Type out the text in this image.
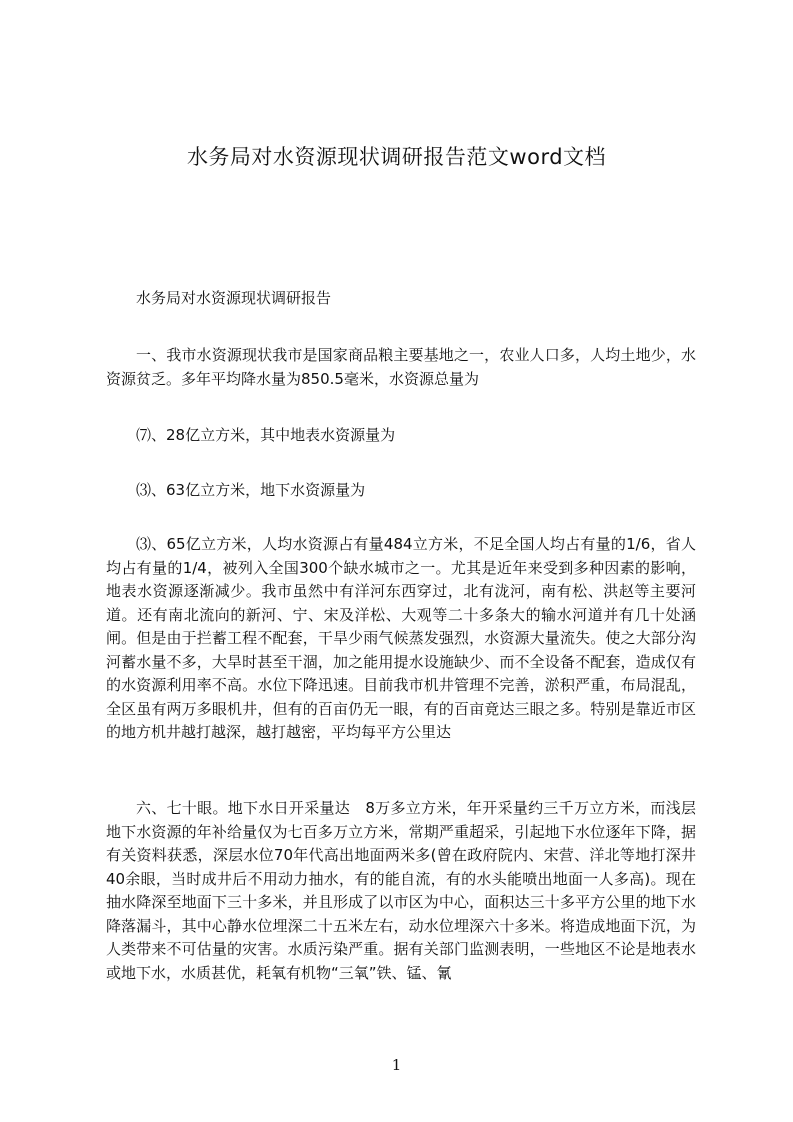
水务局对水资源现状调研报告范文word文档

水务局对水资源现状调研报告

一、我市水资源现状我市是国家商品粮主要基地之一，农业人口多，人均土地少，水资源贫乏。多年平均降水量为850.5毫米，水资源总量为

⑺、28亿立方米，其中地表水资源量为

⑶、63亿立方米，地下水资源量为

⑶、65亿立方米，人均水资源占有量484立方米，不足全国人均占有量的1/6，省人均占有量的1/4，被列入全国300个缺水城市之一。尤其是近年来受到多种因素的影响，地表水资源逐渐减少。我市虽然中有洋河东西穿过，北有泷河，南有松、洪赵等主要河道。还有南北流向的新河、宁、宋及洋松、大观等二十多条大的输水河道并有几十处涵闸。但是由于拦蓄工程不配套，干旱少雨气候蒸发强烈，水资源大量流失。使之大部分沟河蓄水量不多，大旱时甚至干涸，加之能用提水设施缺少、而不全设备不配套，造成仅有的水资源利用率不高。水位下降迅速。目前我市机井管理不完善，淤积严重，布局混乱，全区虽有两万多眼机井，但有的百亩仍无一眼，有的百亩竟达三眼之多。特别是靠近市区的地方机井越打越深，越打越密，平均每平方公里达

六、七十眼。地下水日开采量达　8万多立方米，年开采量约三千万立方米，而浅层地下水资源的年补给量仅为七百多万立方米，常期严重超采，引起地下水位逐年下降，据有关资料获悉，深层水位70年代高出地面两米多(曾在政府院内、宋营、洋北等地打深井40余眼，当时成井后不用动力抽水，有的能自流，有的水头能喷出地面一人多高)。现在抽水降深至地面下三十多米，并且形成了以市区为中心，面积达三十多平方公里的地下水降落漏斗，其中心静水位埋深二十五米左右，动水位埋深六十多米。将造成地面下沉，为人类带来不可估量的灾害。水质污染严重。据有关部门监测表明，一些地区不论是地表水或地下水，水质甚优，耗氧有机物“三氧”铁、锰、氰

1
